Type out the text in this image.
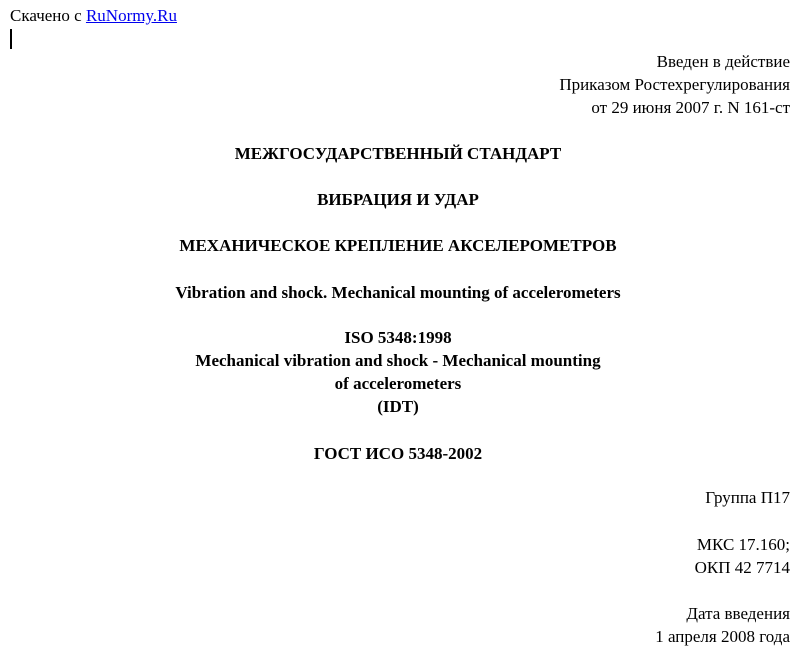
Скачено с RuNormy.Ru
Введен в действие
Приказом Ростехрегулирования
от 29 июня 2007 г. N 161-ст
МЕЖГОСУДАРСТВЕННЫЙ СТАНДАРТ
ВИБРАЦИЯ И УДАР
МЕХАНИЧЕСКОЕ КРЕПЛЕНИЕ АКСЕЛЕРОМЕТРОВ
Vibration and shock. Mechanical mounting of accelerometers
ISO 5348:1998
Mechanical vibration and shock - Mechanical mounting
of accelerometers
(IDT)
ГОСТ ИСО 5348-2002
Группа П17
МКС 17.160;
ОКП 42 7714
Дата введения
1 апреля 2008 года
